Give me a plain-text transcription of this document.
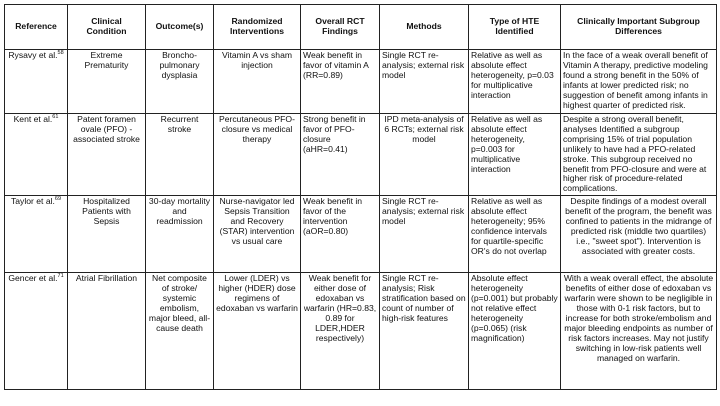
Reference	Clinical Condition	Outcome(s)	Randomized Interventions	Overall RCT Findings	Methods	Type of HTE Identified	Clinically Important Subgroup Differences
Rysavy et al.$^{58}$	Extreme Prematurity	Broncho-pulmonary dysplasia	Vitamin A vs sham injection	Weak benefit in favor of vitamin A (RR=0.89)	Single RCT re-analysis; external risk model	Relative as well as absolute effect heterogeneity, p=0.03 for multiplicative interaction	In the face of a weak overall benefit of Vitamin A therapy, predictive modeling found a strong benefit in the 50% of infants at lower predicted risk; no suggestion of benefit among infants in highest quarter of predicted risk.
Kent et al.$^{61}$	Patent foramen ovale (PFO) - associated stroke	Recurrent stroke	Percutaneous PFO-closure vs medical therapy	Strong benefit in favor of PFO-closure (aHR=0.41)	IPD meta-analysis of 6 RCTs; external risk model	Relative as well as absolute effect heterogeneity, p=0.003 for multiplicative interaction	Despite a strong overall benefit, analyses Identified a subgroup comprising 15% of trial population unlikely to have had a PFO-related stroke. This subgroup received no benefit from PFO-closure and were at higher risk of procedure-related complications.
Taylor et al.$^{69}$	Hospitalized Patients with Sepsis	30-day mortality and readmission	Nurse-navigator led Sepsis Transition and Recovery (STAR) intervention vs usual care	Weak benefit in favor of the intervention (aOR=0.80)	Single RCT re-analysis; external risk model	Relative as well as absolute effect heterogeneity; 95% confidence intervals for quartile-specific OR's do not overlap	Despite findings of a modest overall benefit of the program, the benefit was confined to patients in the midrange of predicted risk (middle two quartiles) i.e., "sweet spot"). Intervention is associated with greater costs.
Gencer et al.$^{71}$	Atrial Fibrillation	Net composite of stroke/ systemic embolism, major bleed, all-cause death	Lower (LDER) vs higher (HDER) dose regimens of edoxaban vs warfarin	Weak benefit for either dose of edoxaban vs warfarin (HR=0.83, 0.89 for LDER,HDER respectively)	Single RCT re-analysis; Risk stratification based on count of number of high-risk features	Absolute effect heterogeneity (p=0.001) but probably not relative effect heterogeneity (p=0.065) (risk magnification)	With a weak overall effect, the absolute benefits of either dose of edoxaban vs warfarin were shown to be negligible in those with 0-1 risk factors, but to increase for both stroke/embolism and major bleeding endpoints as number of risk factors increases. May not justify switching in low-risk patients well managed on warfarin.
